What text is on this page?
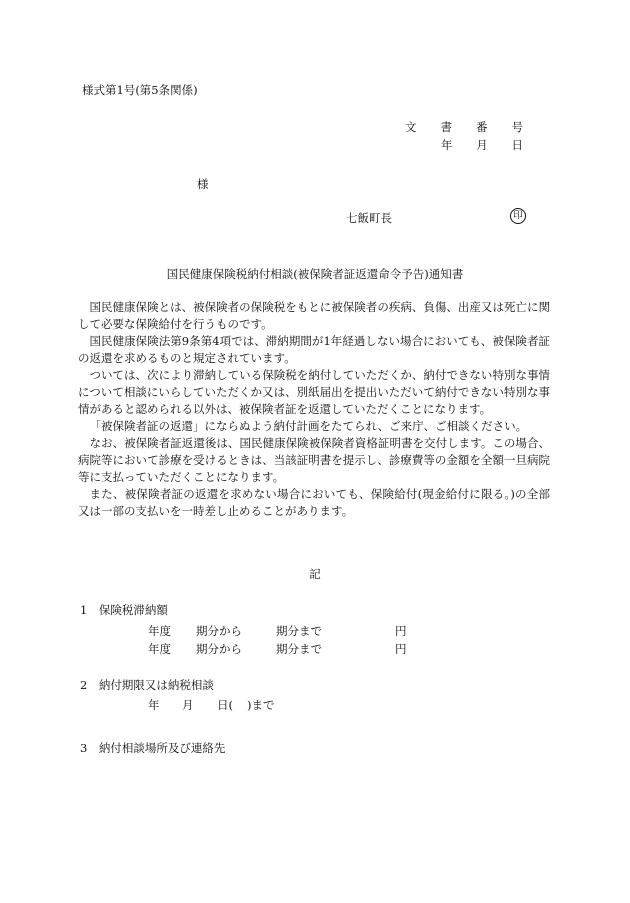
様式第1号(第5条関係)
文 書 番 号
年 月 日
様
七飯町長	印
国民健康保険税納付相談(被保険者証返還命令予告)通知書

国民健康保険とは、被保険者の保険税をもとに被保険者の疾病、負傷、出産又は死亡に関して必要な保険給付を行うものです。

国民健康保険法第9条第4項では、滞納期間が1年経過しない場合においても、被保険者証の返還を求めるものと規定されています。

ついては、次により滞納している保険税を納付していただくか、納付できない特別な事情について相談にいらしていただくか又は、別紙届出を提出いただいて納付できない特別な事情があると認められる以外は、被保険者証を返還していただくことになります。

「被保険者証の返還」にならぬよう納付計画をたてられ、ご来庁、ご相談ください。

なお、被保険者証返還後は、国民健康保険被保険者資格証明書を交付します。この場合、病院等において診療を受けるときは、当該証明書を提示し、診療費等の金額を全額一旦病院等に支払っていただくことになります。

また、被保険者証の返還を求めない場合においても、保険給付(現金給付に限る。)の全部又は一部の支払いを一時差し止めることがあります。

記
1　保険税滞納額
年度	期分から	期分まで	円
年度	期分から	期分まで	円
2　納付期限又は納税相談
年	月	日(	)まで
3　納付相談場所及び連絡先
